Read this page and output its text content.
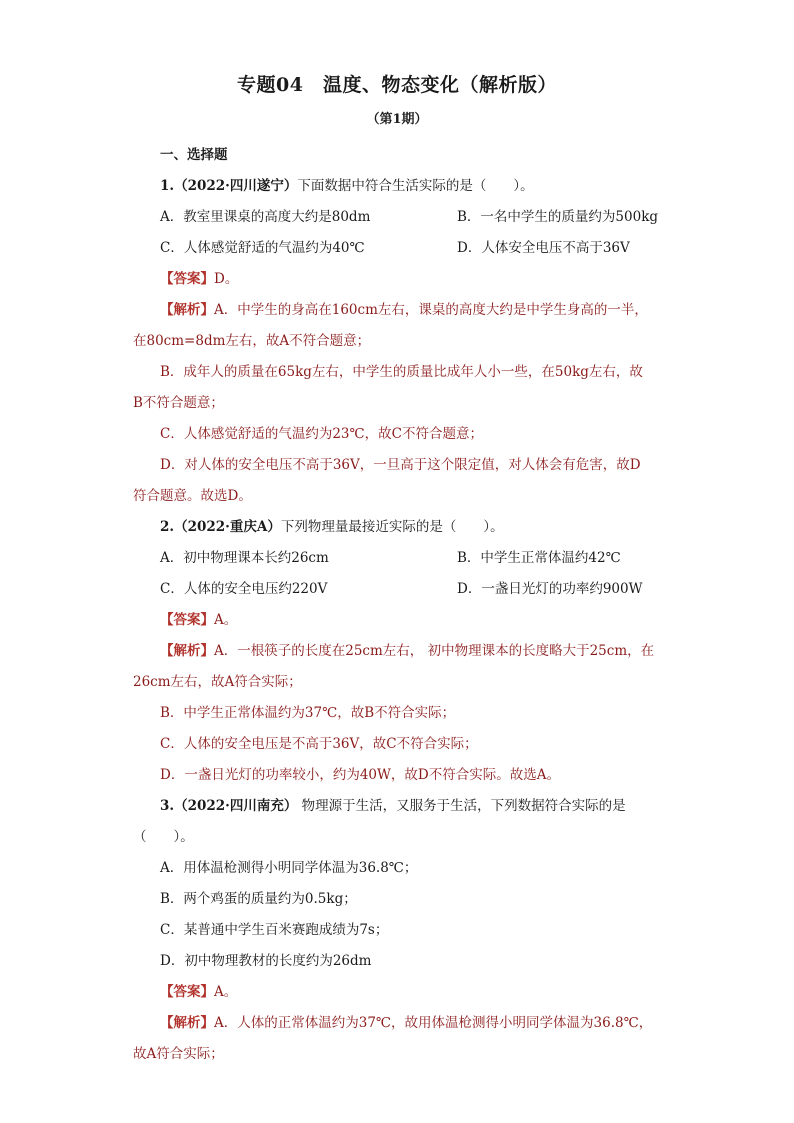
专题04　温度、物态变化（解析版）
（第1期）
一、选择题
1.（2022·四川遂宁）下面数据中符合生活实际的是（　　）。
A．教室里课桌的高度大约是80dm	B．一名中学生的质量约为500kg
C．人体感觉舒适的气温约为40℃	D．人体安全电压不高于36V
【答案】D。
【解析】A．中学生的身高在160cm左右，课桌的高度大约是中学生身高的一半，
在80cm=8dm左右，故A不符合题意；
B．成年人的质量在65kg左右，中学生的质量比成年人小一些，在50kg左右，故
B不符合题意；
C．人体感觉舒适的气温约为23℃，故C不符合题意；
D．对人体的安全电压不高于36V，一旦高于这个限定值，对人体会有危害，故D
符合题意。故选D。
2.（2022·重庆A）下列物理量最接近实际的是（　　）。
A．初中物理课本长约26cm	B．中学生正常体温约42℃
C．人体的安全电压约220V	D．一盏日光灯的功率约900W
【答案】A。
【解析】A．一根筷子的长度在25cm左右， 初中物理课本的长度略大于25cm，在
26cm左右，故A符合实际；
B．中学生正常体温约为37℃，故B不符合实际；
C．人体的安全电压是不高于36V，故C不符合实际；
D．一盏日光灯的功率较小，约为40W，故D不符合实际。故选A。
3.（2022·四川南充） 物理源于生活，又服务于生活，下列数据符合实际的是
（　　）。
A．用体温枪测得小明同学体温为36.8℃；
B．两个鸡蛋的质量约为0.5kg；
C．某普通中学生百米赛跑成绩为7s；
D．初中物理教材的长度约为26dm
【答案】A。
【解析】A．人体的正常体温约为37℃，故用体温枪测得小明同学体温为36.8℃，
故A符合实际；
